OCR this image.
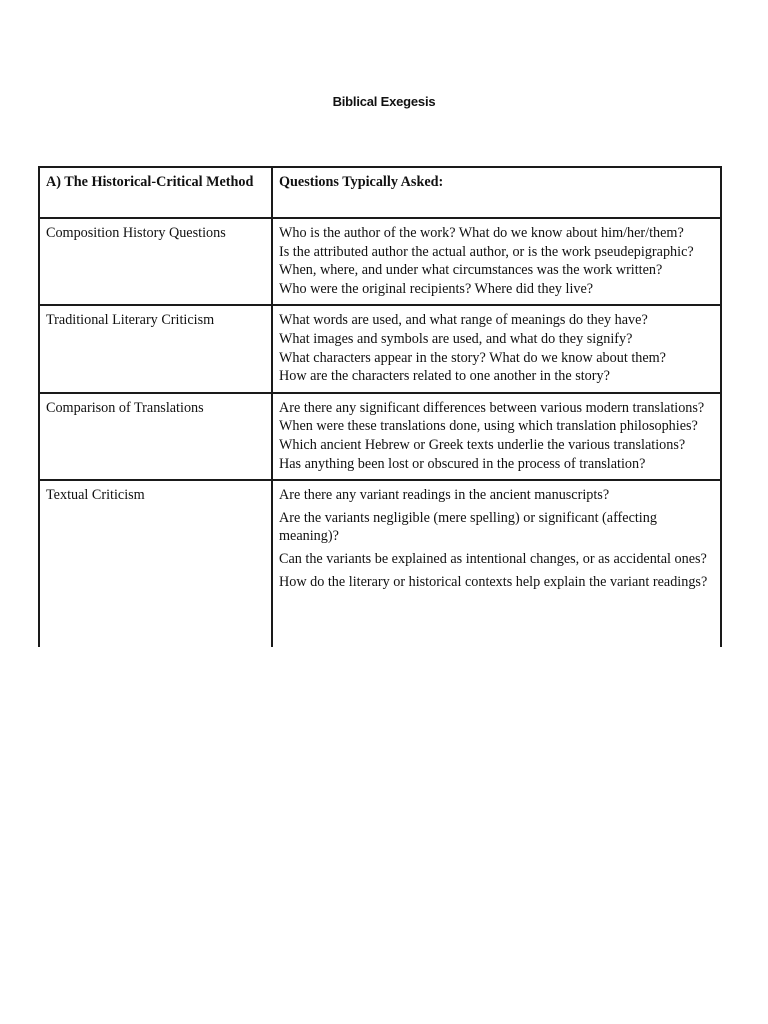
Biblical Exegesis
A) The Historical-Critical Method	Questions Typically Asked:
Composition History Questions	Who is the author of the work? What do we know about him/her/them?
Is the attributed author the actual author, or is the work pseudepigraphic?
When, where, and under what circumstances was the work written?
Who were the original recipients? Where did they live?

Traditional Literary Criticism	What words are used, and what range of meanings do they have?
What images and symbols are used, and what do they signify?
What characters appear in the story? What do we know about them?
How are the characters related to one another in the story?

Comparison of Translations	Are there any significant differences between various modern translations?
When were these translations done, using which translation philosophies?
Which ancient Hebrew or Greek texts underlie the various translations?
Has anything been lost or obscured in the process of translation?

Textual Criticism	Are there any variant readings in the ancient manuscripts?
Are the variants negligible (mere spelling) or significant (affecting meaning)?
Can the variants be explained as intentional changes, or as accidental ones?
How do the literary or historical contexts help explain the variant readings?
